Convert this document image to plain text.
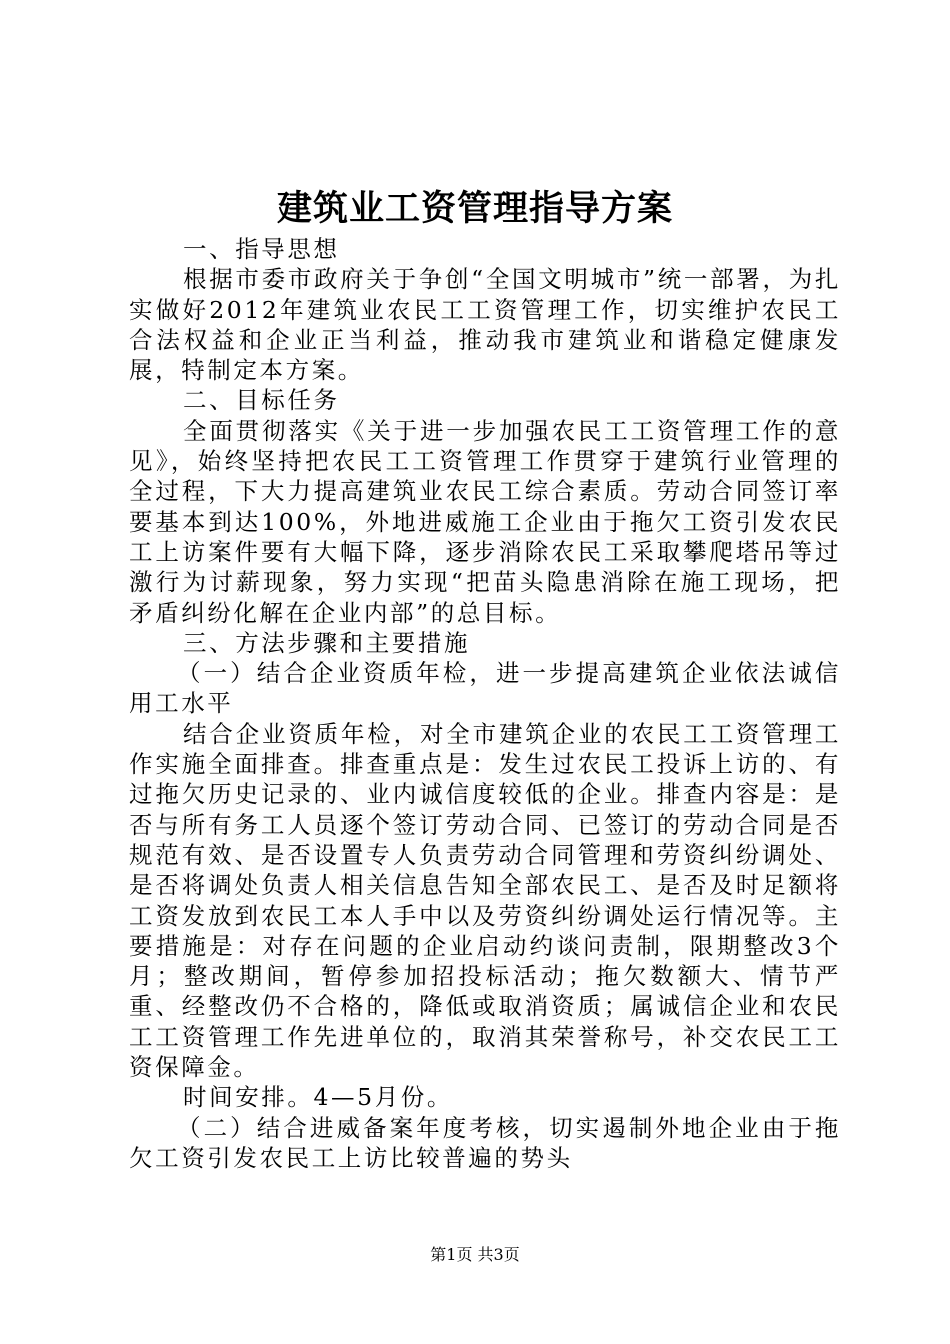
建筑业工资管理指导方案

一、指导思想

根据市委市政府关于争创“全国文明城市”统一部署，为扎实做好2012年建筑业农民工工资管理工作，切实维护农民工合法权益和企业正当利益，推动我市建筑业和谐稳定健康发展，特制定本方案。

二、目标任务

全面贯彻落实《关于进一步加强农民工工资管理工作的意见》，始终坚持把农民工工资管理工作贯穿于建筑行业管理的全过程，下大力提高建筑业农民工综合素质。劳动合同签订率要基本到达100%，外地进威施工企业由于拖欠工资引发农民工上访案件要有大幅下降，逐步消除农民工采取攀爬塔吊等过激行为讨薪现象，努力实现“把苗头隐患消除在施工现场，把矛盾纠纷化解在企业内部”的总目标。

三、方法步骤和主要措施

（一）结合企业资质年检，进一步提高建筑企业依法诚信用工水平

结合企业资质年检，对全市建筑企业的农民工工资管理工作实施全面排查。排查重点是：发生过农民工投诉上访的、有过拖欠历史记录的、业内诚信度较低的企业。排查内容是：是否与所有务工人员逐个签订劳动合同、已签订的劳动合同是否规范有效、是否设置专人负责劳动合同管理和劳资纠纷调处、是否将调处负责人相关信息告知全部农民工、是否及时足额将工资发放到农民工本人手中以及劳资纠纷调处运行情况等。主要措施是：对存在问题的企业启动约谈问责制，限期整改3个月；整改期间，暂停参加招投标活动；拖欠数额大、情节严重、经整改仍不合格的，降低或取消资质；属诚信企业和农民工工资管理工作先进单位的，取消其荣誉称号，补交农民工工资保障金。

时间安排。4—5月份。

（二）结合进威备案年度考核，切实遏制外地企业由于拖欠工资引发农民工上访比较普遍的势头

第1页 共3页
